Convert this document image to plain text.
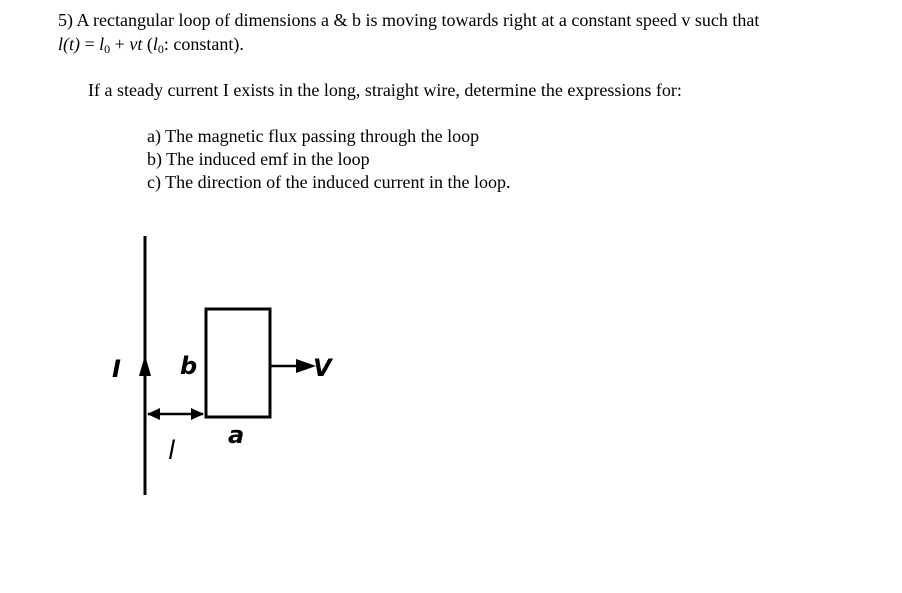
5) A rectangular loop of dimensions a & b is moving towards right at a constant speed v such that
$l(t) = l_0$ + vt ($l_0$: constant).
If a steady current I exists in the long, straight wire, determine the expressions for:
a) The magnetic flux passing through the loop
b) The induced emf in the loop
c) The direction of the induced current in the loop.
I b
a
l
V
